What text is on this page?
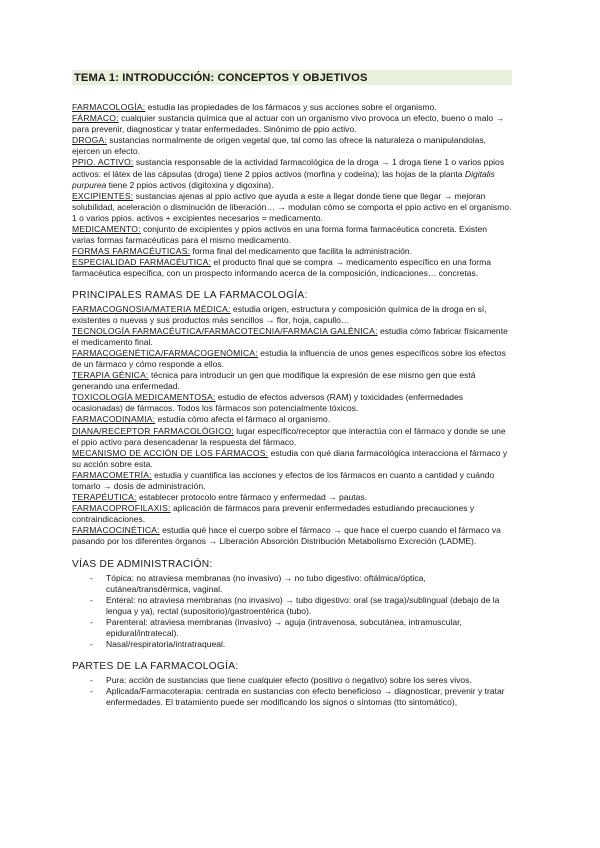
TEMA 1: INTRODUCCIÓN: CONCEPTOS Y OBJETIVOS

FARMACOLOGÍA: estudia las propiedades de los fármacos y sus acciones sobre el organismo.

FÁRMACO: cualquier sustancia química que al actuar con un organismo vivo provoca un efecto, bueno o malo → para prevenir, diagnosticar y tratar enfermedades. Sinónimo de ppio activo.

DROGA: sustancias normalmente de origen vegetal que, tal como las ofrece la naturaleza o manipulandolas, ejercen un efecto.

PPIO. ACTIVO: sustancia responsable de la actividad farmacológica de la droga → 1 droga tiene 1 o varios ppios activos: el látex de las cápsulas (droga) tiene 2 ppios activos (morfina y codeína); las hojas de la planta Digitalis purpurea tiene 2 ppios activos (digitoxina y digoxina).

EXCIPIENTES: sustancias ajenas al ppio activo que ayuda a este a llegar donde tiene que llegar → mejoran solubilidad, aceleración o disminución de liberación… → modulan cómo se comporta el ppio activo en el organismo. 1 o varios ppios. activos + excipientes necesarios = medicamento.

MEDICAMENTO: conjunto de excipientes y ppios activos en una forma forma farmacéutica concreta. Existen varias formas farmacéuticas para el mismo medicamento.

FORMAS FARMACÉUTICAS: forma final del medicamento que facilita la administración.

ESPECIALIDAD FARMACÉUTICA: el producto final que se compra → medicamento específico en una forma farmacéutica específica, con un prospecto informando acerca de la composición, indicaciones… concretas.

PRINCIPALES RAMAS DE LA FARMACOLOGÍA:

FARMACOGNOSIA/MATERIA MÉDICA: estudia origen, estructura y composición química de la droga en sí, existentes o nuevas y sus productos más sencillos → flor, hoja, capullo…

TECNOLOGÍA FARMACÉUTICA/FARMACOTECNIA/FARMACIA GALÉNICA: estudia cómo fabricar físicamente el medicamento final.

FARMACOGENÉTICA/FARMACOGENÓMICA: estudia la influencia de unos genes específicos sobre los efectos de un fármaco y cómo responde a ellos.

TERAPIA GÉNICA: técnica para introducir un gen que modifique la expresión de ese mismo gen que está generando una enfermedad.

TOXICOLOGÍA MEDICAMENTOSA: estudio de efectos adversos (RAM) y toxicidades (enfermedades ocasionadas) de fármacos. Todos los fármacos son potencialmente tóxicos.

FARMACODINAMIA: estudia cómo afecta el fármaco al organismo.

DIANA/RECEPTOR FARMACOLÓGICO: lugar específico/receptor que interactúa con el fármaco y donde se une el ppio activo para desencadenar la respuesta del fármaco.

MECANISMO DE ACCIÓN DE LOS FÁRMACOS: estudia con qué diana farmacológica interacciona el fármaco y su acción sobre esta.

FARMACOMETRÍA: estudia y cuantifica las acciones y efectos de los fármacos en cuanto a cantidad y cuándo tomarlo → dosis de administración.

TERAPÉUTICA: establecer protocolo entre fármaco y enfermedad → pautas.

FARMACOPROFILAXIS: aplicación de fármacos para prevenir enfermedades estudiando precauciones y contraindicaciones.

FARMACOCINÉTICA: estudia qué hace el cuerpo sobre el fármaco → que hace el cuerpo cuando el fármaco va pasando por los diferentes órganos → Liberación Absorción Distribución Metabolismo Excreción (LADME).

VÍAS DE ADMINISTRACIÓN:
- Tópica: no atraviesa membranas (no invasivo) → no tubo digestivo: oftálmica/óptica, cutánea/transdérmica, vaginal.
- Enteral: no atraviesa membranas (no invasivo) → tubo digestivo: oral (se traga)/sublingual (debajo de la lengua y ya), rectal (supositorio)/gastroentérica (tubo).
- Parenteral: atraviesa membranas (invasivo) → aguja (intravenosa, subcutánea, intramuscular, epidural/intratecal).
- Nasal/respiratoria/intratraqueal.
PARTES DE LA FARMACOLOGÍA:
- Pura: acción de sustancias que tiene cualquier efecto (positivo o negativo) sobre los seres vivos.
- Aplicada/Farmacoterapia: centrada en sustancias con efecto beneficioso → diagnosticar, prevenir y tratar enfermedades. El tratamiento puede ser modificando los signos o síntomas (tto sintomático),
